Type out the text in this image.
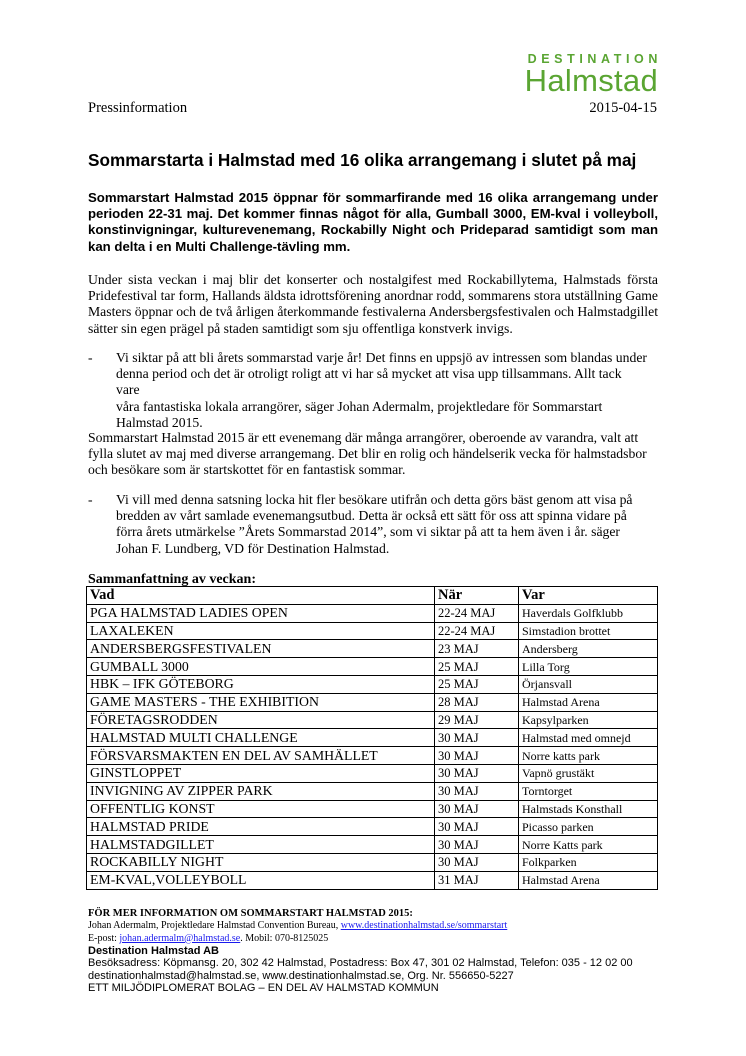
DESTINATION
Halmstad
Pressinformation	2015-04-15
Sommarstarta i Halmstad med 16 olika arrangemang i slutet på maj
Sommarstart Halmstad 2015 öppnar för sommarfirande med 16 olika arrangemang under perioden 22-31 maj. Det kommer finnas något för alla, Gumball 3000, EM-kval i volleyboll, konstinvigningar, kulturevenemang, Rockabilly Night och Prideparad samtidigt som man kan delta i en Multi Challenge-tävling mm.
Under sista veckan i maj blir det konserter och nostalgifest med Rockabillytema, Halmstads första Pridefestival tar form, Hallands äldsta idrottsförening anordnar rodd, sommarens stora utställning Game Masters öppnar och de två årligen återkommande festivalerna Andersbergsfestivalen och Halmstadgillet sätter sin egen prägel på staden samtidigt som sju offentliga konstverk invigs.
- Vi siktar på att bli årets sommarstad varje år! Det finns en uppsjö av intressen som blandas under
denna period och det är otroligt roligt att vi har så mycket att visa upp tillsammans. Allt tack vare
våra fantastiska lokala arrangörer, säger Johan Adermalm, projektledare för Sommarstart
Halmstad 2015.
Sommarstart Halmstad 2015 är ett evenemang där många arrangörer, oberoende av varandra, valt att
fylla slutet av maj med diverse arrangemang. Det blir en rolig och händelserik vecka för halmstadsbor
och besökare som är startskottet för en fantastisk sommar.
- Vi vill med denna satsning locka hit fler besökare utifrån och detta görs bäst genom att visa på
bredden av vårt samlade evenemangsutbud. Detta är också ett sätt för oss att spinna vidare på
förra årets utmärkelse ”Årets Sommarstad 2014”, som vi siktar på att ta hem även i år. säger
Johan F. Lundberg, VD för Destination Halmstad.
Sammanfattning av veckan:
Vad	När	Var
PGA HALMSTAD LADIES OPEN	22-24 MAJ	Haverdals Golfklubb
LAXALEKEN	22-24 MAJ	Simstadion brottet
ANDERSBERGSFESTIVALEN	23 MAJ	Andersberg
GUMBALL 3000	25 MAJ	Lilla Torg
HBK – IFK GÖTEBORG	25 MAJ	Örjansvall
GAME MASTERS - THE EXHIBITION	28 MAJ	Halmstad Arena
FÖRETAGSRODDEN	29 MAJ	Kapsylparken
HALMSTAD MULTI CHALLENGE	30 MAJ	Halmstad med omnejd
FÖRSVARSMAKTEN EN DEL AV SAMHÄLLET	30 MAJ	Norre katts park
GINSTLOPPET	30 MAJ	Vapnö grustäkt
INVIGNING AV ZIPPER PARK	30 MAJ	Torntorget
OFFENTLIG KONST	30 MAJ	Halmstads Konsthall
HALMSTAD PRIDE	30 MAJ	Picasso parken
HALMSTADGILLET	30 MAJ	Norre Katts park
ROCKABILLY NIGHT	30 MAJ	Folkparken
EM-KVAL,VOLLEYBOLL	31 MAJ	Halmstad Arena
FÖR MER INFORMATION OM SOMMARSTART HALMSTAD 2015:
Johan Adermalm, Projektledare Halmstad Convention Bureau, www.destinationhalmstad.se/sommarstart
E-post: johan.adermalm@halmstad.se. Mobil: 070-8125025
Destination Halmstad AB
Besöksadress: Köpmansg. 20, 302 42 Halmstad, Postadress: Box 47, 301 02 Halmstad, Telefon: 035 - 12 02 00
destinationhalmstad@halmstad.se, www.destinationhalmstad.se, Org. Nr. 556650-5227
ETT MILJÖDIPLOMERAT BOLAG – EN DEL AV HALMSTAD KOMMUN
